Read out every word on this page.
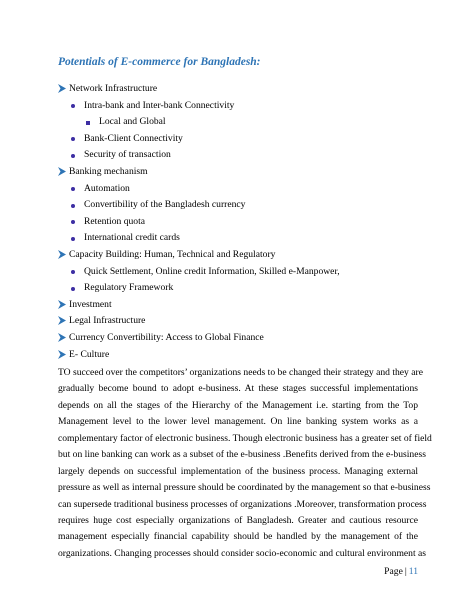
Potentials of E-commerce for Bangladesh:
Network Infrastructure
Intra-bank and Inter-bank Connectivity
Local and Global
Bank-Client Connectivity
Security of transaction
Banking mechanism
Automation
Convertibility of the Bangladesh currency
Retention quota
International credit cards
Capacity Building: Human, Technical and Regulatory
Quick Settlement, Online credit Information, Skilled e-Manpower,
Regulatory Framework
Investment
Legal Infrastructure
Currency Convertibility: Access to Global Finance
E- Culture
TO succeed over the competitors’ organizations needs to be changed their strategy and they are
gradually become bound to adopt e-business. At these stages successful implementations
depends on all the stages of the Hierarchy of the Management i.e. starting from the Top
Management level to the lower level management. On line banking system works as a
complementary factor of electronic business. Though electronic business has a greater set of field
but on line banking can work as a subset of the e-business .Benefits derived from the e-business
largely depends on successful implementation of the business process. Managing external
pressure as well as internal pressure should be coordinated by the management so that e-business
can supersede traditional business processes of organizations .Moreover, transformation process
requires huge cost especially organizations of Bangladesh. Greater and cautious resource
management especially financial capability should be handled by the management of the
organizations. Changing processes should consider socio-economic and cultural environment as
Page | 11
